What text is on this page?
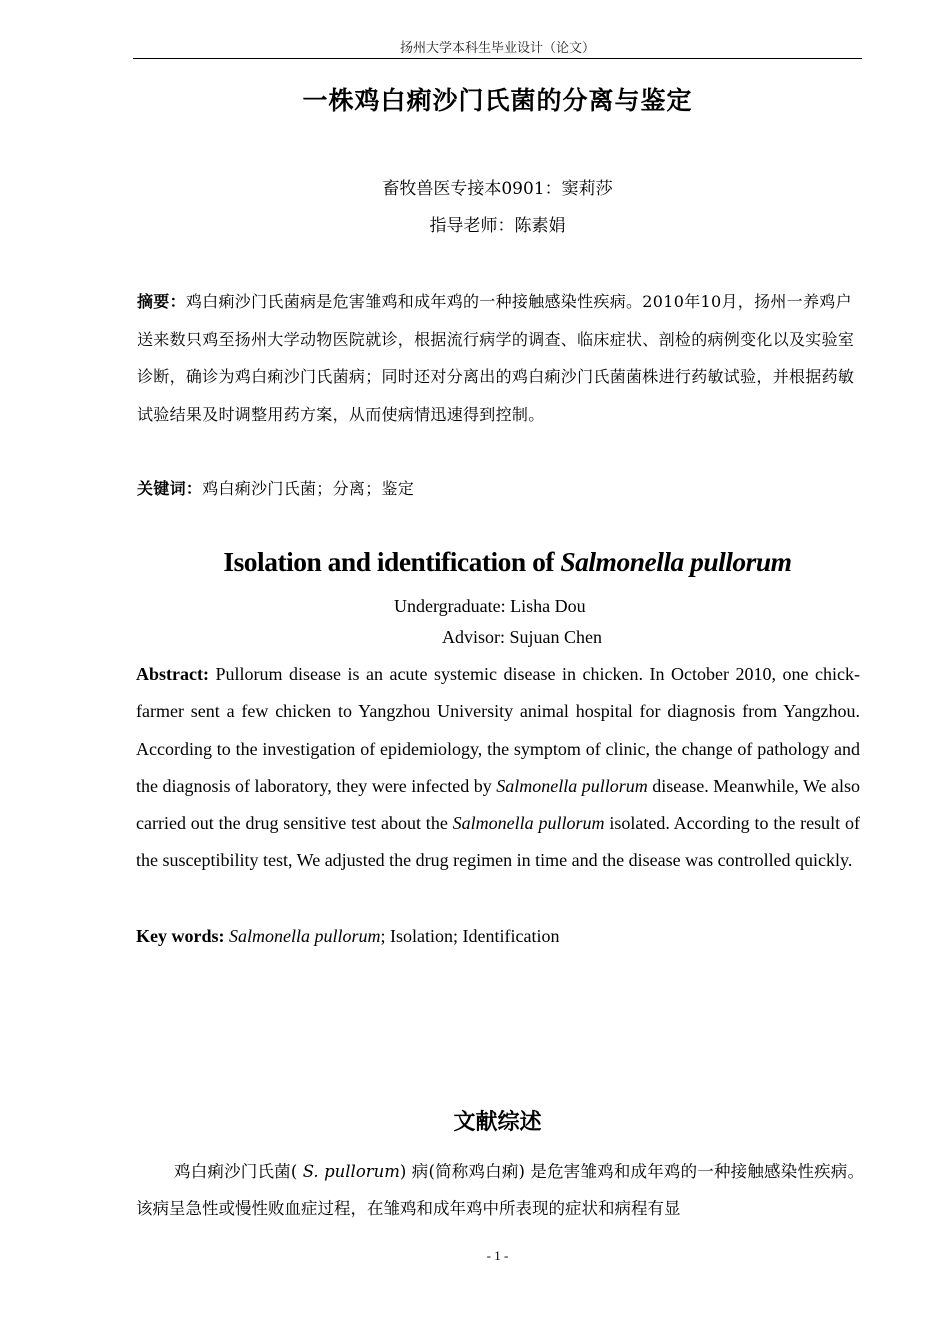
扬州大学本科生毕业设计（论文）
一株鸡白痢沙门氏菌的分离与鉴定
畜牧兽医专接本0901：窦莉莎
指导老师：陈素娟
摘要：鸡白痢沙门氏菌病是危害雏鸡和成年鸡的一种接触感染性疾病。2010年10月，扬州一养鸡户送来数只鸡至扬州大学动物医院就诊，根据流行病学的调查、临床症状、剖检的病例变化以及实验室诊断，确诊为鸡白痢沙门氏菌病；同时还对分离出的鸡白痢沙门氏菌菌株进行药敏试验，并根据药敏试验结果及时调整用药方案，从而使病情迅速得到控制。
关键词：鸡白痢沙门氏菌；分离；鉴定
Isolation and identification of Salmonella pullorum
Undergraduate: Lisha Dou
Advisor: Sujuan Chen
Abstract: Pullorum disease is an acute systemic disease in chicken. In October 2010, one chick-farmer sent a few chicken to Yangzhou University animal hospital for diagnosis from Yangzhou. According to the investigation of epidemiology, the symptom of clinic, the change of pathology and the diagnosis of laboratory, they were infected by Salmonella pullorum disease. Meanwhile, We also carried out the drug sensitive test about the Salmonella pullorum isolated. According to the result of the susceptibility test, We adjusted the drug regimen in time and the disease was controlled quickly.
Key words: Salmonella pullorum; Isolation; Identification
文献综述
鸡白痢沙门氏菌( S. pullorum) 病(简称鸡白痢) 是危害雏鸡和成年鸡的一种接触感染性疾病。该病呈急性或慢性败血症过程，在雏鸡和成年鸡中所表现的症状和病程有显
- 1 -
